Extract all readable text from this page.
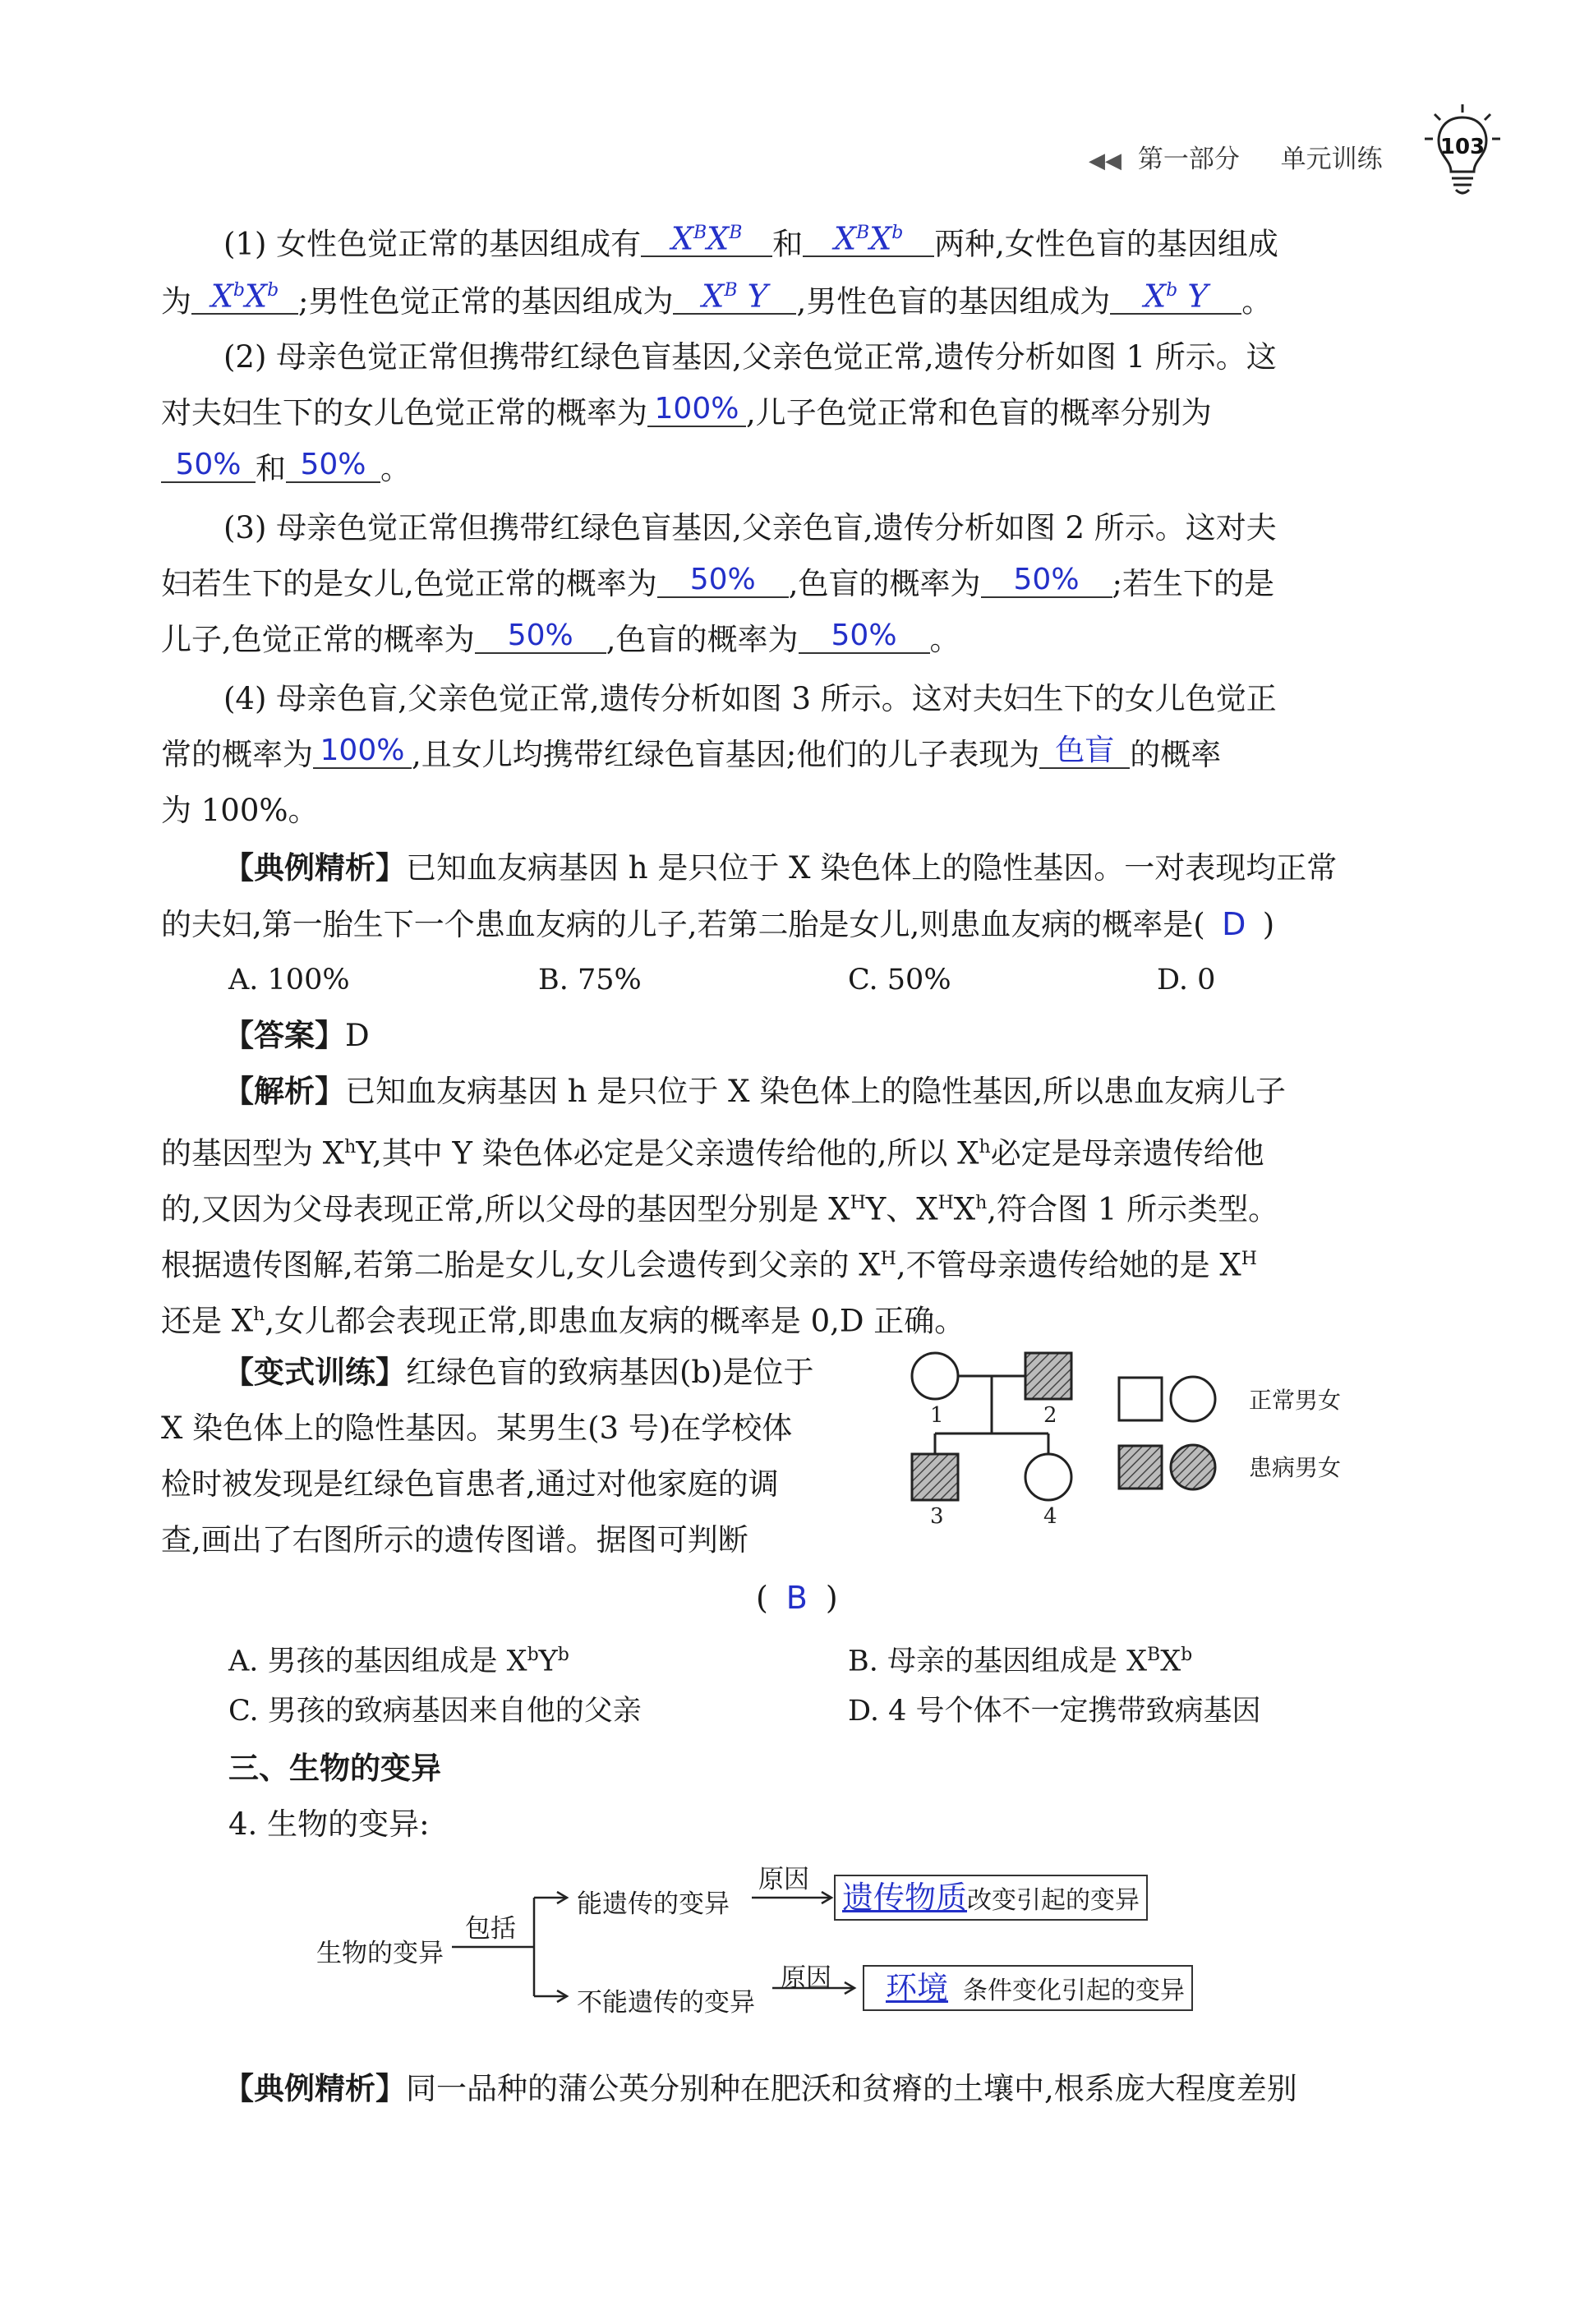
◀◀ 第一部分 单元训练	103
(1) 女性色觉正常的基因组成有 $X^BX^B$ 和 $X^BX^b$ 两种,女性色盲的基因组成
为 $X^bX^b$ ;男性色觉正常的基因组成为 $X^B$ Y ,男性色盲的基因组成为 $X^b$ Y 。
(2) 母亲色觉正常但携带红绿色盲基因,父亲色觉正常,遗传分析如图 1 所示。这
对夫妇生下的女儿色觉正常的概率为 100% ,儿子色觉正常和色盲的概率分别为
50% 和 50% 。
(3) 母亲色觉正常但携带红绿色盲基因,父亲色盲,遗传分析如图 2 所示。这对夫
妇若生下的是女儿,色觉正常的概率为 50% ,色盲的概率为 50% ;若生下的是
儿子,色觉正常的概率为 50% ,色盲的概率为 50% 。
(4) 母亲色盲,父亲色觉正常,遗传分析如图 3 所示。这对夫妇生下的女儿色觉正
常的概率为 100% ,且女儿均携带红绿色盲基因;他们的儿子表现为 色盲 的概率
为 100%。
【典例精析】已知血友病基因 h 是只位于 X 染色体上的隐性基因。一对表现均正常
的夫妇,第一胎生下一个患血友病的儿子,若第二胎是女儿,则患血友病的概率是( D )
A. 100%	B. 75%	C. 50%	D. 0
【答案】D
【解析】已知血友病基因 h 是只位于 X 染色体上的隐性基因,所以患血友病儿子
的基因型为 $X^hY$,其中 Y 染色体必定是父亲遗传给他的,所以 $X^h$必定是母亲遗传给他
的,又因为父母表现正常,所以父母的基因型分别是 $X^HY$、$X^HX^h$,符合图 1 所示类型。
根据遗传图解,若第二胎是女儿,女儿会遗传到父亲的 $X^H$,不管母亲遗传给她的是 $X^H$
还是 $X^h$,女儿都会表现正常,即患血友病的概率是 0,D 正确。
【变式训练】红绿色盲的致病基因(b)是位于
X 染色体上的隐性基因。某男生(3 号)在学校体
检时被发现是红绿色盲患者,通过对他家庭的调
查,画出了右图所示的遗传图谱。据图可判断
1	2
3	4
正常男女
患病男女
( B )
A. 男孩的基因组成是 $X^bY^b$	B. 母亲的基因组成是 $X^BX^b$
C. 男孩的致病基因来自他的父亲	D. 4 号个体不一定携带致病基因
三、生物的变异
4. 生物的变异:
生物的变异
包括
能遗传的变异
原因 遗传物质改变引起的变异
不能遗传的变异
原因	环境 条件变化引起的变异
【典例精析】同一品种的蒲公英分别种在肥沃和贫瘠的土壤中,根系庞大程度差别
